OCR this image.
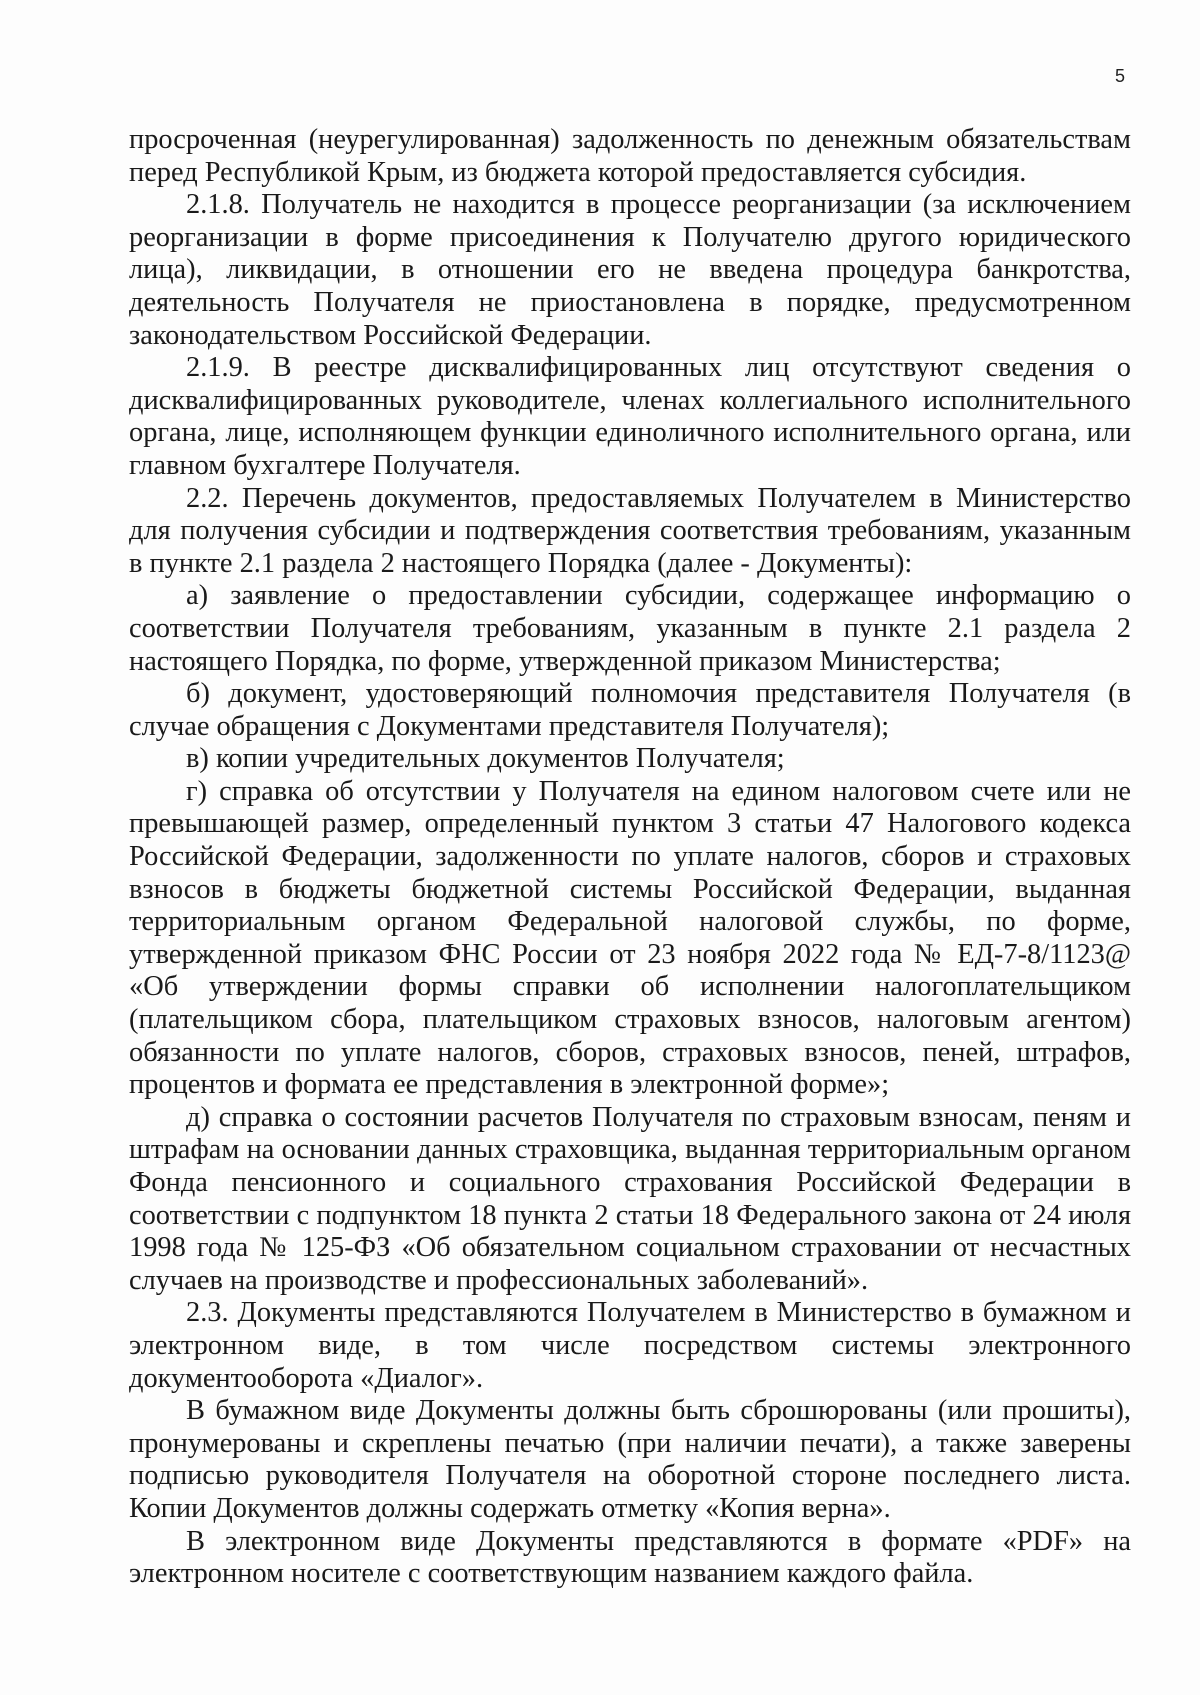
5

просроченная (неурегулированная) задолженность по денежным обязательствам перед Республикой Крым, из бюджета которой предоставляется субсидия.

2.1.8. Получатель не находится в процессе реорганизации (за исключением реорганизации в форме присоединения к Получателю другого юридического лица), ликвидации, в отношении его не введена процедура банкротства, деятельность Получателя не приостановлена в порядке, предусмотренном законодательством Российской Федерации.

2.1.9. В реестре дисквалифицированных лиц отсутствуют сведения о дисквалифицированных руководителе, членах коллегиального исполнительного органа, лице, исполняющем функции единоличного исполнительного органа, или главном бухгалтере Получателя.

2.2. Перечень документов, предоставляемых Получателем в Министерство для получения субсидии и подтверждения соответствия требованиям, указанным в пункте 2.1 раздела 2 настоящего Порядка (далее - Документы):

а) заявление о предоставлении субсидии, содержащее информацию о соответствии Получателя требованиям, указанным в пункте 2.1 раздела 2 настоящего Порядка, по форме, утвержденной приказом Министерства;

б) документ, удостоверяющий полномочия представителя Получателя (в случае обращения с Документами представителя Получателя);

в) копии учредительных документов Получателя;

г) справка об отсутствии у Получателя на едином налоговом счете или не превышающей размер, определенный пунктом 3 статьи 47 Налогового кодекса Российской Федерации, задолженности по уплате налогов, сборов и страховых взносов в бюджеты бюджетной системы Российской Федерации, выданная территориальным органом Федеральной налоговой службы, по форме, утвержденной приказом ФНС России от 23 ноября 2022 года № ЕД-7-8/1123@ «Об утверждении формы справки об исполнении налогоплательщиком (плательщиком сбора, плательщиком страховых взносов, налоговым агентом) обязанности по уплате налогов, сборов, страховых взносов, пеней, штрафов, процентов и формата ее представления в электронной форме»;

д) справка о состоянии расчетов Получателя по страховым взносам, пеням и штрафам на основании данных страховщика, выданная территориальным органом Фонда пенсионного и социального страхования Российской Федерации в соответствии с подпунктом 18 пункта 2 статьи 18 Федерального закона от 24 июля 1998 года № 125-ФЗ «Об обязательном социальном страховании от несчастных случаев на производстве и профессиональных заболеваний».

2.3. Документы представляются Получателем в Министерство в бумажном и электронном виде, в том числе посредством системы электронного документооборота «Диалог».

В бумажном виде Документы должны быть сброшюрованы (или прошиты), пронумерованы и скреплены печатью (при наличии печати), а также заверены подписью руководителя Получателя на оборотной стороне последнего листа. Копии Документов должны содержать отметку «Копия верна».

В электронном виде Документы представляются в формате «PDF» на электронном носителе с соответствующим названием каждого файла.
